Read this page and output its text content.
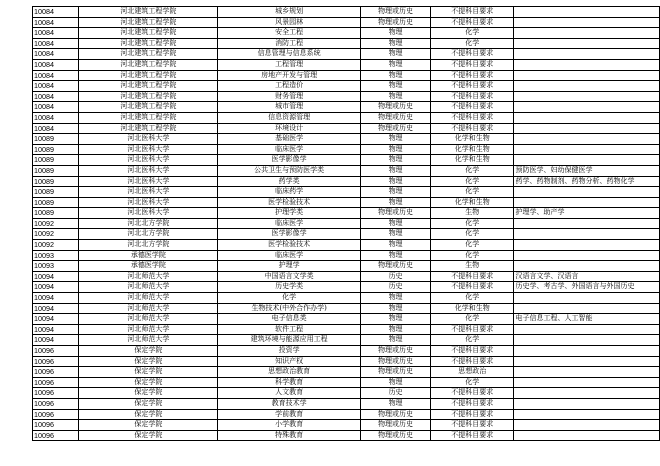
10084	河北建筑工程学院	城乡规划	物理或历史	不提科目要求	
10084	河北建筑工程学院	风景园林	物理或历史	不提科目要求	
10084	河北建筑工程学院	安全工程	物理	化学	
10084	河北建筑工程学院	消防工程	物理	化学	
10084	河北建筑工程学院	信息管理与信息系统	物理	不提科目要求	
10084	河北建筑工程学院	工程管理	物理	不提科目要求	
10084	河北建筑工程学院	房地产开发与管理	物理	不提科目要求	
10084	河北建筑工程学院	工程造价	物理	不提科目要求	
10084	河北建筑工程学院	财务管理	物理	不提科目要求	
10084	河北建筑工程学院	城市管理	物理或历史	不提科目要求	
10084	河北建筑工程学院	信息资源管理	物理或历史	不提科目要求	
10084	河北建筑工程学院	环境设计	物理或历史	不提科目要求	
10089	河北医科大学	基础医学	物理	化学和生物	
10089	河北医科大学	临床医学	物理	化学和生物	
10089	河北医科大学	医学影像学	物理	化学和生物	
10089	河北医科大学	公共卫生与预防医学类	物理	化学	预防医学、妇幼保健医学
10089	河北医科大学	药学类	物理	化学	药学、药物制剂、药物分析、药物化学
10089	河北医科大学	临床药学	物理	化学	
10089	河北医科大学	医学检验技术	物理	化学和生物	
10089	河北医科大学	护理学类	物理或历史	生物	护理学、助产学
10092	河北北方学院	临床医学	物理	化学	
10092	河北北方学院	医学影像学	物理	化学	
10092	河北北方学院	医学检验技术	物理	化学	
10093	承德医学院	临床医学	物理	化学	
10093	承德医学院	护理学	物理或历史	生物	
10094	河北师范大学	中国语言文学类	历史	不提科目要求	汉语言文学、汉语言
10094	河北师范大学	历史学类	历史	不提科目要求	历史学、考古学、外国语言与外国历史
10094	河北师范大学	化学	物理	化学	
10094	河北师范大学	生物技术(中外合作办学)	物理	化学和生物	
10094	河北师范大学	电子信息类	物理	化学	电子信息工程、人工智能
10094	河北师范大学	软件工程	物理	不提科目要求	
10094	河北师范大学	建筑环境与能源应用工程	物理	化学	
10096	保定学院	投资学	物理或历史	不提科目要求	
10096	保定学院	知识产权	物理或历史	不提科目要求	
10096	保定学院	思想政治教育	物理或历史	思想政治	
10096	保定学院	科学教育	物理	化学	
10096	保定学院	人文教育	历史	不提科目要求	
10096	保定学院	教育技术学	物理	不提科目要求	
10096	保定学院	学前教育	物理或历史	不提科目要求	
10096	保定学院	小学教育	物理或历史	不提科目要求	
10096	保定学院	特殊教育	物理或历史	不提科目要求	
